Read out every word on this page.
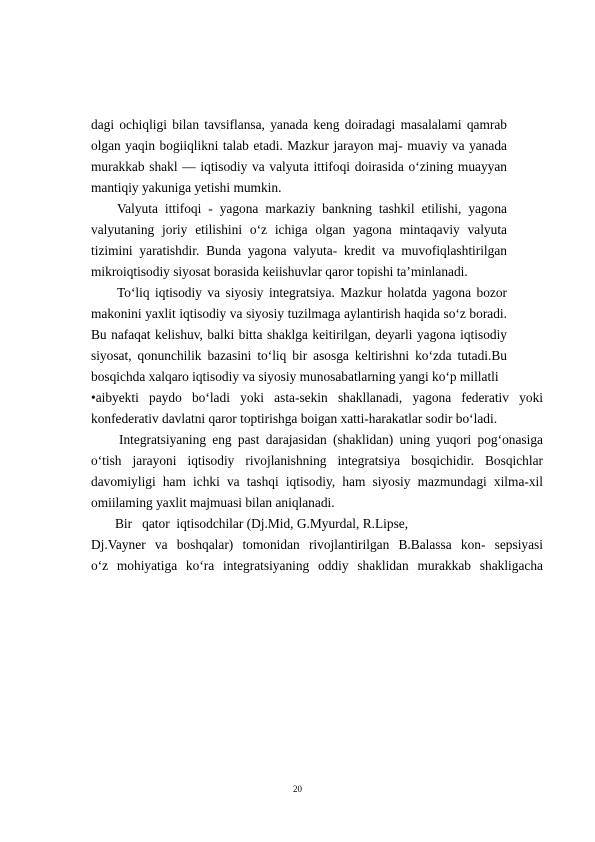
dagi ochiqligi bilan tavsiflansa, yanada keng doiradagi masalalami qamrab
olgan yaqin bogiiqlikni talab etadi. Mazkur jarayon maj- muaviy va yanada
murakkab shakl — iqtisodiy va valyuta ittifoqi doirasida o‘zining muayyan
mantiqiy yakuniga yetishi mumkin.
Valyuta ittifoqi - yagona markaziy bankning tashkil etilishi, yagona
valyutaning joriy etilishini o‘z ichiga olgan yagona mintaqaviy valyuta
tizimini yaratishdir. Bunda yagona valyuta- kredit va muvofiqlashtirilgan
mikroiqtisodiy siyosat borasida keiishuvlar qaror topishi ta’minlanadi.
To‘liq iqtisodiy va siyosiy integratsiya. Mazkur holatda yagona bozor
makonini yaxlit iqtisodiy va siyosiy tuzilmaga aylantirish haqida so‘z boradi.
Bu nafaqat kelishuv, balki bitta shaklga keitirilgan, deyarli yagona iqtisodiy
siyosat, qonunchilik bazasini to‘liq bir asosga keltirishni ko‘zda tutadi.Bu
bosqichda xalqaro iqtisodiy va siyosiy munosabatlarning yangi ko‘p millatli
•aibyekti paydo bo‘ladi yoki asta-sekin shakllanadi, yagona federativ yoki
konfederativ davlatni qaror toptirishga boigan xatti-harakatlar sodir bo‘ladi.
Integratsiyaning eng past darajasidan (shaklidan) uning yuqori pog‘onasiga
o‘tish jarayoni iqtisodiy rivojlanishning integratsiya bosqichidir. Bosqichlar
davomiyligi ham ichki va tashqi iqtisodiy, ham siyosiy mazmundagi xilma-xil
omiilaming yaxlit majmuasi bilan aniqlanadi.
Bir   qator  iqtisodchilar (Dj.Mid, G.Myurdal, R.Lipse,
Dj.Vayner va boshqalar) tomonidan rivojlantirilgan B.Balassa kon- sepsiyasi
o‘z mohiyatiga ko‘ra integratsiyaning oddiy shaklidan murakkab shakligacha
20
